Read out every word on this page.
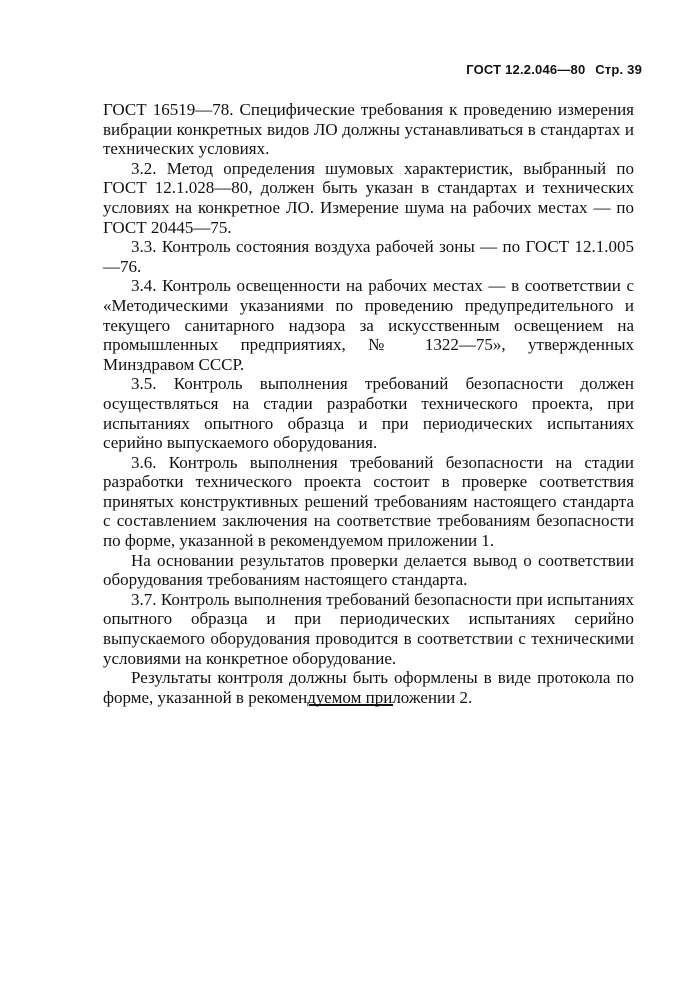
ГОСТ 12.2.046—80 Стр. 39

ГОСТ 16519—78. Специфические требования к проведению измерения вибрации конкретных видов ЛО должны устанавливаться в стандартах и технических условиях.

3.2. Метод определения шумовых характеристик, выбранный по ГОСТ 12.1.028—80, должен быть указан в стандартах и технических условиях на конкретное ЛО. Измерение шума на рабочих местах — по ГОСТ 20445—75.

3.3. Контроль состояния воздуха рабочей зоны — по ГОСТ 12.1.005—76.

3.4. Контроль освещенности на рабочих местах — в соответствии с «Методическими указаниями по проведению предупредительного и текущего санитарного надзора за искусственным освещением на промышленных предприятиях, № 1322—75», утвержденных Минздравом СССР.

3.5. Контроль выполнения требований безопасности должен осуществляться на стадии разработки технического проекта, при испытаниях опытного образца и при периодических испытаниях серийно выпускаемого оборудования.

3.6. Контроль выполнения требований безопасности на стадии разработки технического проекта состоит в проверке соответствия принятых конструктивных решений требованиям настоящего стандарта с составлением заключения на соответствие требованиям безопасности по форме, указанной в рекомендуемом приложении 1.

На основании результатов проверки делается вывод о соответствии оборудования требованиям настоящего стандарта.

3.7. Контроль выполнения требований безопасности при испытаниях опытного образца и при периодических испытаниях серийно выпускаемого оборудования проводится в соответствии с техническими условиями на конкретное оборудование.

Результаты контроля должны быть оформлены в виде протокола по форме, указанной в рекомендуемом приложении 2.
